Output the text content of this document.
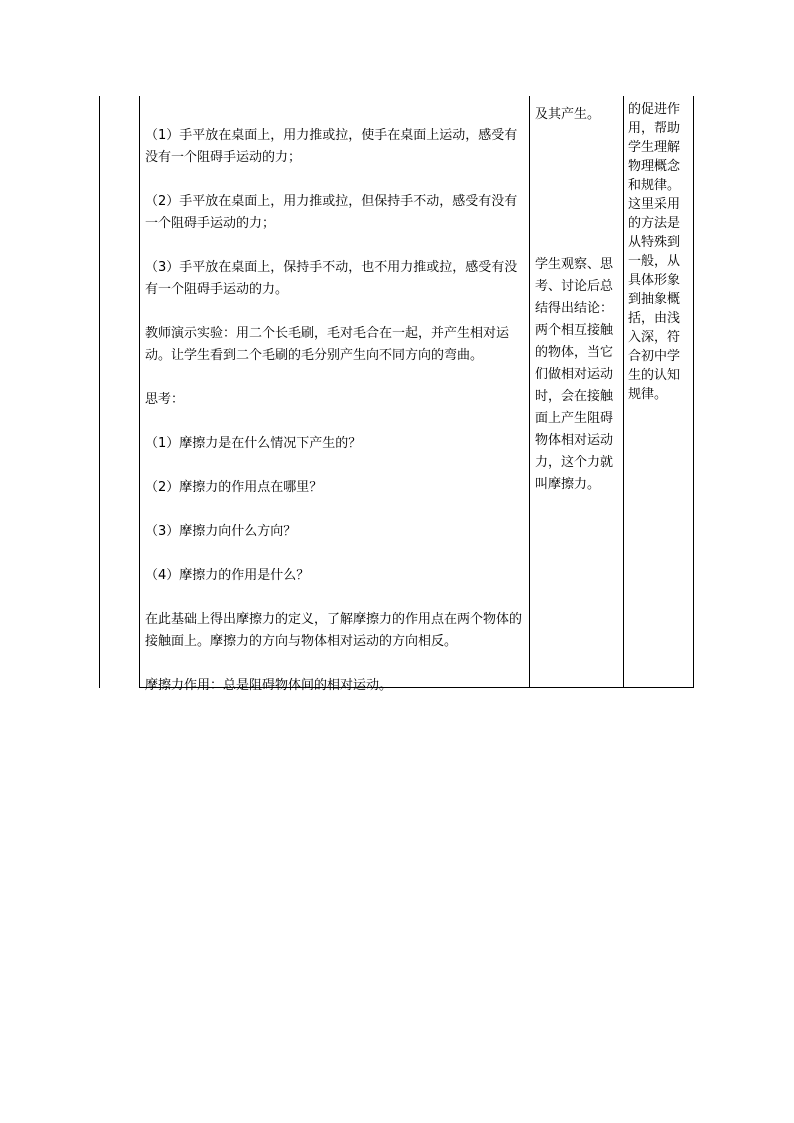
（1）手平放在桌面上，用力推或拉，使手在桌面上运动，感受有没有一个阻碍手运动的力；

（2）手平放在桌面上，用力推或拉，但保持手不动，感受有没有一个阻碍手运动的力；

（3）手平放在桌面上，保持手不动，也不用力推或拉，感受有没有一个阻碍手运动的力。

教师演示实验：用二个长毛刷，毛对毛合在一起，并产生相对运动。让学生看到二个毛刷的毛分别产生向不同方向的弯曲。

思考：

（1）摩擦力是在什么情况下产生的？

（2）摩擦力的作用点在哪里？

（3）摩擦力向什么方向？

（4）摩擦力的作用是什么？

在此基础上得出摩擦力的定义，了解摩擦力的作用点在两个物体的接触面上。摩擦力的方向与物体相对运动的方向相反。

摩擦力作用：总是阻碍物体间的相对运动。

及其产生。

学生观察、思考、讨论后总结得出结论：两个相互接触的物体，当它们做相对运动时，会在接触面上产生阻碍物体相对运动力，这个力就叫摩擦力。

的促进作用，帮助学生理解物理概念和规律。这里采用的方法是从特殊到一般，从具体形象到抽象概括，由浅入深，符合初中学生的认知规律。
